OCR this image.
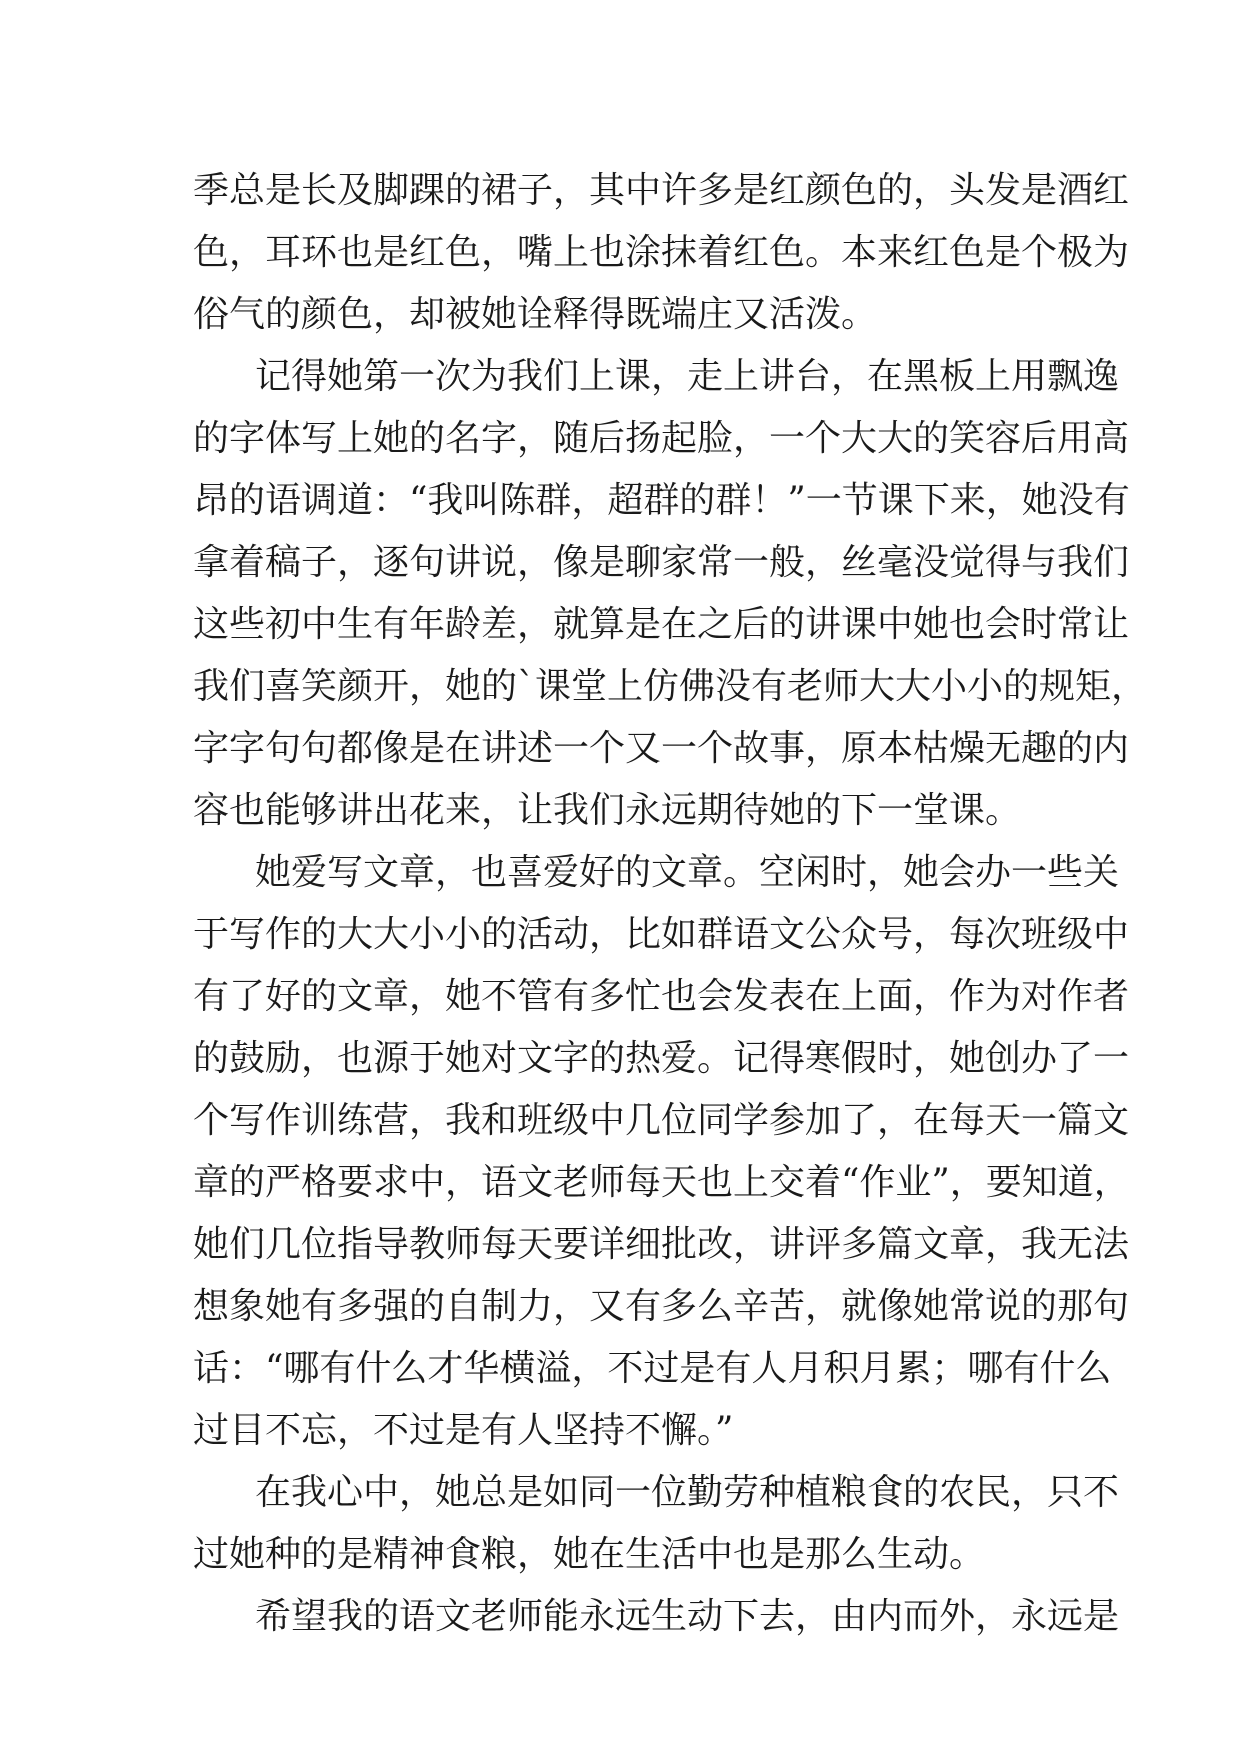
季总是长及脚踝的裙子，其中许多是红颜色的，头发是酒红
色，耳环也是红色，嘴上也涂抹着红色。本来红色是个极为
俗气的颜色，却被她诠释得既端庄又活泼。
记得她第一次为我们上课，走上讲台，在黑板上用飘逸
的字体写上她的名字，随后扬起脸，一个大大的笑容后用高
昂的语调道：“我叫陈群，超群的群！”一节课下来，她没有
拿着稿子，逐句讲说，像是聊家常一般，丝毫没觉得与我们
这些初中生有年龄差，就算是在之后的讲课中她也会时常让
我们喜笑颜开，她的`课堂上仿佛没有老师大大小小的规矩，
字字句句都像是在讲述一个又一个故事，原本枯燥无趣的内
容也能够讲出花来，让我们永远期待她的下一堂课。
她爱写文章，也喜爱好的文章。空闲时，她会办一些关
于写作的大大小小的活动，比如群语文公众号，每次班级中
有了好的文章，她不管有多忙也会发表在上面，作为对作者
的鼓励，也源于她对文字的热爱。记得寒假时，她创办了一
个写作训练营，我和班级中几位同学参加了，在每天一篇文
章的严格要求中，语文老师每天也上交着“作业”，要知道，
她们几位指导教师每天要详细批改，讲评多篇文章，我无法
想象她有多强的自制力，又有多么辛苦，就像她常说的那句
话：“哪有什么才华横溢，不过是有人月积月累；哪有什么
过目不忘，不过是有人坚持不懈。”
在我心中，她总是如同一位勤劳种植粮食的农民，只不
过她种的是精神食粮，她在生活中也是那么生动。
希望我的语文老师能永远生动下去，由内而外，永远是
